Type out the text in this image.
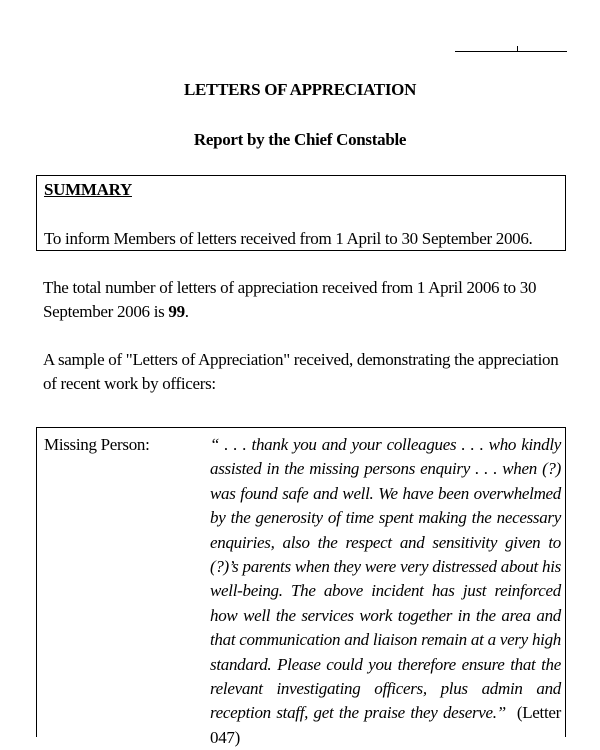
LETTERS OF APPRECIATION
Report by the Chief Constable
SUMMARY
To inform Members of letters received from 1 April to 30 September 2006.
The total number of letters of appreciation received from 1 April 2006 to 30 September 2006 is 99.
A sample of "Letters of Appreciation" received, demonstrating the appreciation of recent work by officers:
Missing Person:	“ . . . thank you and your colleagues . . . who kindly assisted in the missing persons enquiry . . . when (?) was found safe and well. We have been overwhelmed by the generosity of time spent making the necessary enquiries, also the respect and sensitivity given to (?)’s parents when they were very distressed about his well-being. The above incident has just reinforced how well the services work together in the area and that communication and liaison remain at a very high standard. Please could you therefore ensure that the relevant investigating officers, plus admin and reception staff, get the praise they deserve.” (Letter 047)
